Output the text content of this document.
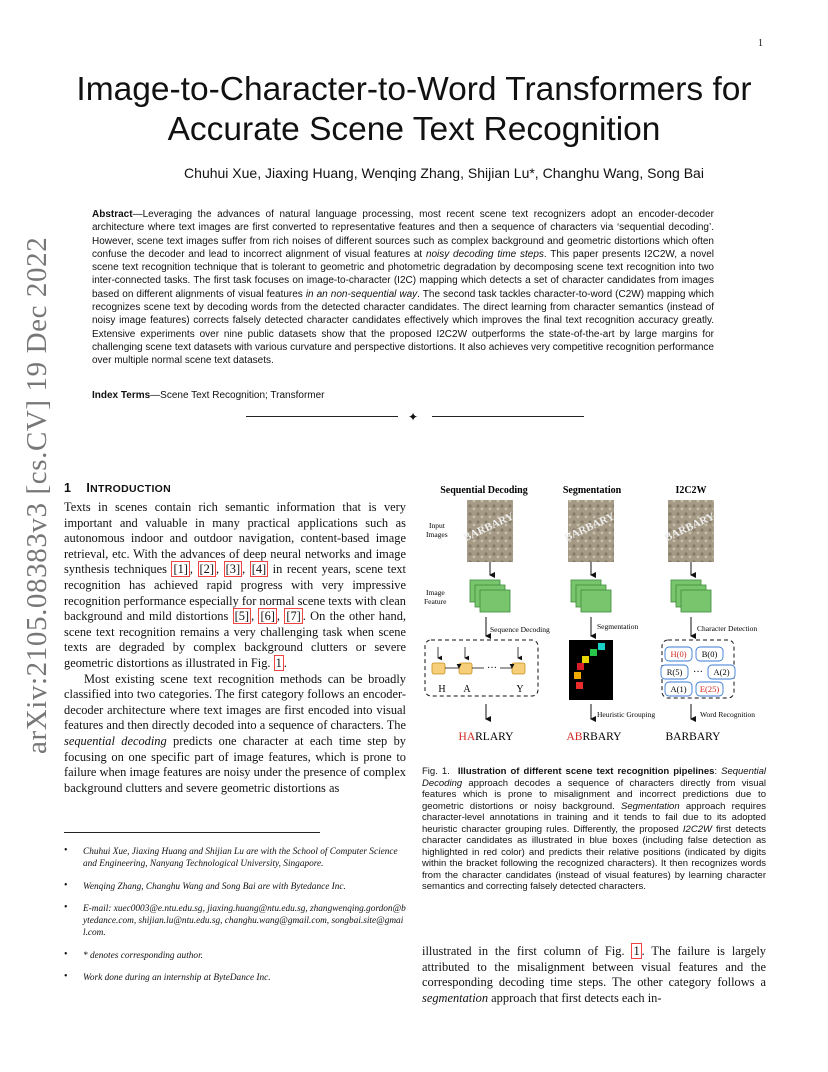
1
arXiv:2105.08383v3 [cs.CV] 19 Dec 2022
Image-to-Character-to-Word Transformers for Accurate Scene Text Recognition
Chuhui Xue, Jiaxing Huang, Wenqing Zhang, Shijian Lu*, Changhu Wang, Song Bai
Abstract—Leveraging the advances of natural language processing, most recent scene text recognizers adopt an encoder-decoder architecture where text images are first converted to representative features and then a sequence of characters via ‘sequential decoding’. However, scene text images suffer from rich noises of different sources such as complex background and geometric distortions which often confuse the decoder and lead to incorrect alignment of visual features at noisy decoding time steps. This paper presents I2C2W, a novel scene text recognition technique that is tolerant to geometric and photometric degradation by decomposing scene text recognition into two inter-connected tasks. The first task focuses on image-to-character (I2C) mapping which detects a set of character candidates from images based on different alignments of visual features in an non-sequential way. The second task tackles character-to-word (C2W) mapping which recognizes scene text by decoding words from the detected character candidates. The direct learning from character semantics (instead of noisy image features) corrects falsely detected character candidates effectively which improves the final text recognition accuracy greatly. Extensive experiments over nine public datasets show that the proposed I2C2W outperforms the state-of-the-art by large margins for challenging scene text datasets with various curvature and perspective distortions. It also achieves very competitive recognition performance over multiple normal scene text datasets.
Index Terms—Scene Text Recognition; Transformer
✦
1 INTRODUCTION

Texts in scenes contain rich semantic information that is very important and valuable in many practical applications such as autonomous indoor and outdoor navigation, content-based image retrieval, etc. With the advances of deep neural networks and image synthesis techniques [1] , [2] , [3] , [4] in recent years, scene text recognition has achieved rapid progress with very impressive recognition performance especially for normal scene texts with clean background and mild distortions [5] , [6] , [7] . On the other hand, scene text recognition remains a very challenging task when scene texts are degraded by complex background clutters or severe geometric distortions as illustrated in Fig. 1 .

Most existing scene text recognition methods can be broadly classified into two categories. The first category follows an encoder-decoder architecture where text images are first encoded into visual features and then directly decoded into a sequence of characters. The sequential decoding predicts one character at each time step by focusing on one specific part of image features, which is prone to failure when image features are noisy under the presence of complex background clutters and severe geometric distortions as

• Chuhui Xue, Jiaxing Huang and Shijian Lu are with the School of Computer Science and Engineering, Nanyang Technological University, Singapore.
• Wenqing Zhang, Changhu Wang and Song Bai are with Bytedance Inc.
• E-mail: xuec0003@e.ntu.edu.sg, jiaxing.huang@ntu.edu.sg, zhangwenqing.gordon@bytedance.com, shijian.lu@ntu.edu.sg, changhu.wang@gmail.com, songbai.site@gmail.com.
• * denotes corresponding author.
• Work done during an internship at ByteDance Inc.
Sequential Decoding	Segmentation	I2C2W
Input Images
Image Feature
BARBARY	BARBARY	BARBARY
Sequence Decoding	Segmentation	Character Detection
···
H A	Y
H(0) B(0)
R(5) ··· A(2)
A(1) E(25)
Heuristic Grouping	Word Recognition
HARLARY	ABRBARY	BARBARY
Fig. 1. Illustration of different scene text recognition pipelines: Sequential Decoding approach decodes a sequence of characters directly from visual features which is prone to misalignment and incorrect predictions due to geometric distortions or noisy background. Segmentation approach requires character-level annotations in training and it tends to fail due to its adopted heuristic character grouping rules. Differently, the proposed I2C2W first detects character candidates as illustrated in blue boxes (including false detection as highlighted in red color) and predicts their relative positions (indicated by digits within the bracket following the recognized characters). It then recognizes words from the character candidates (instead of visual features) by learning character semantics and correcting falsely detected characters.

illustrated in the first column of Fig. 1 . The failure is largely attributed to the misalignment between visual features and the corresponding decoding time steps. The other category follows a segmentation approach that first detects each in-
